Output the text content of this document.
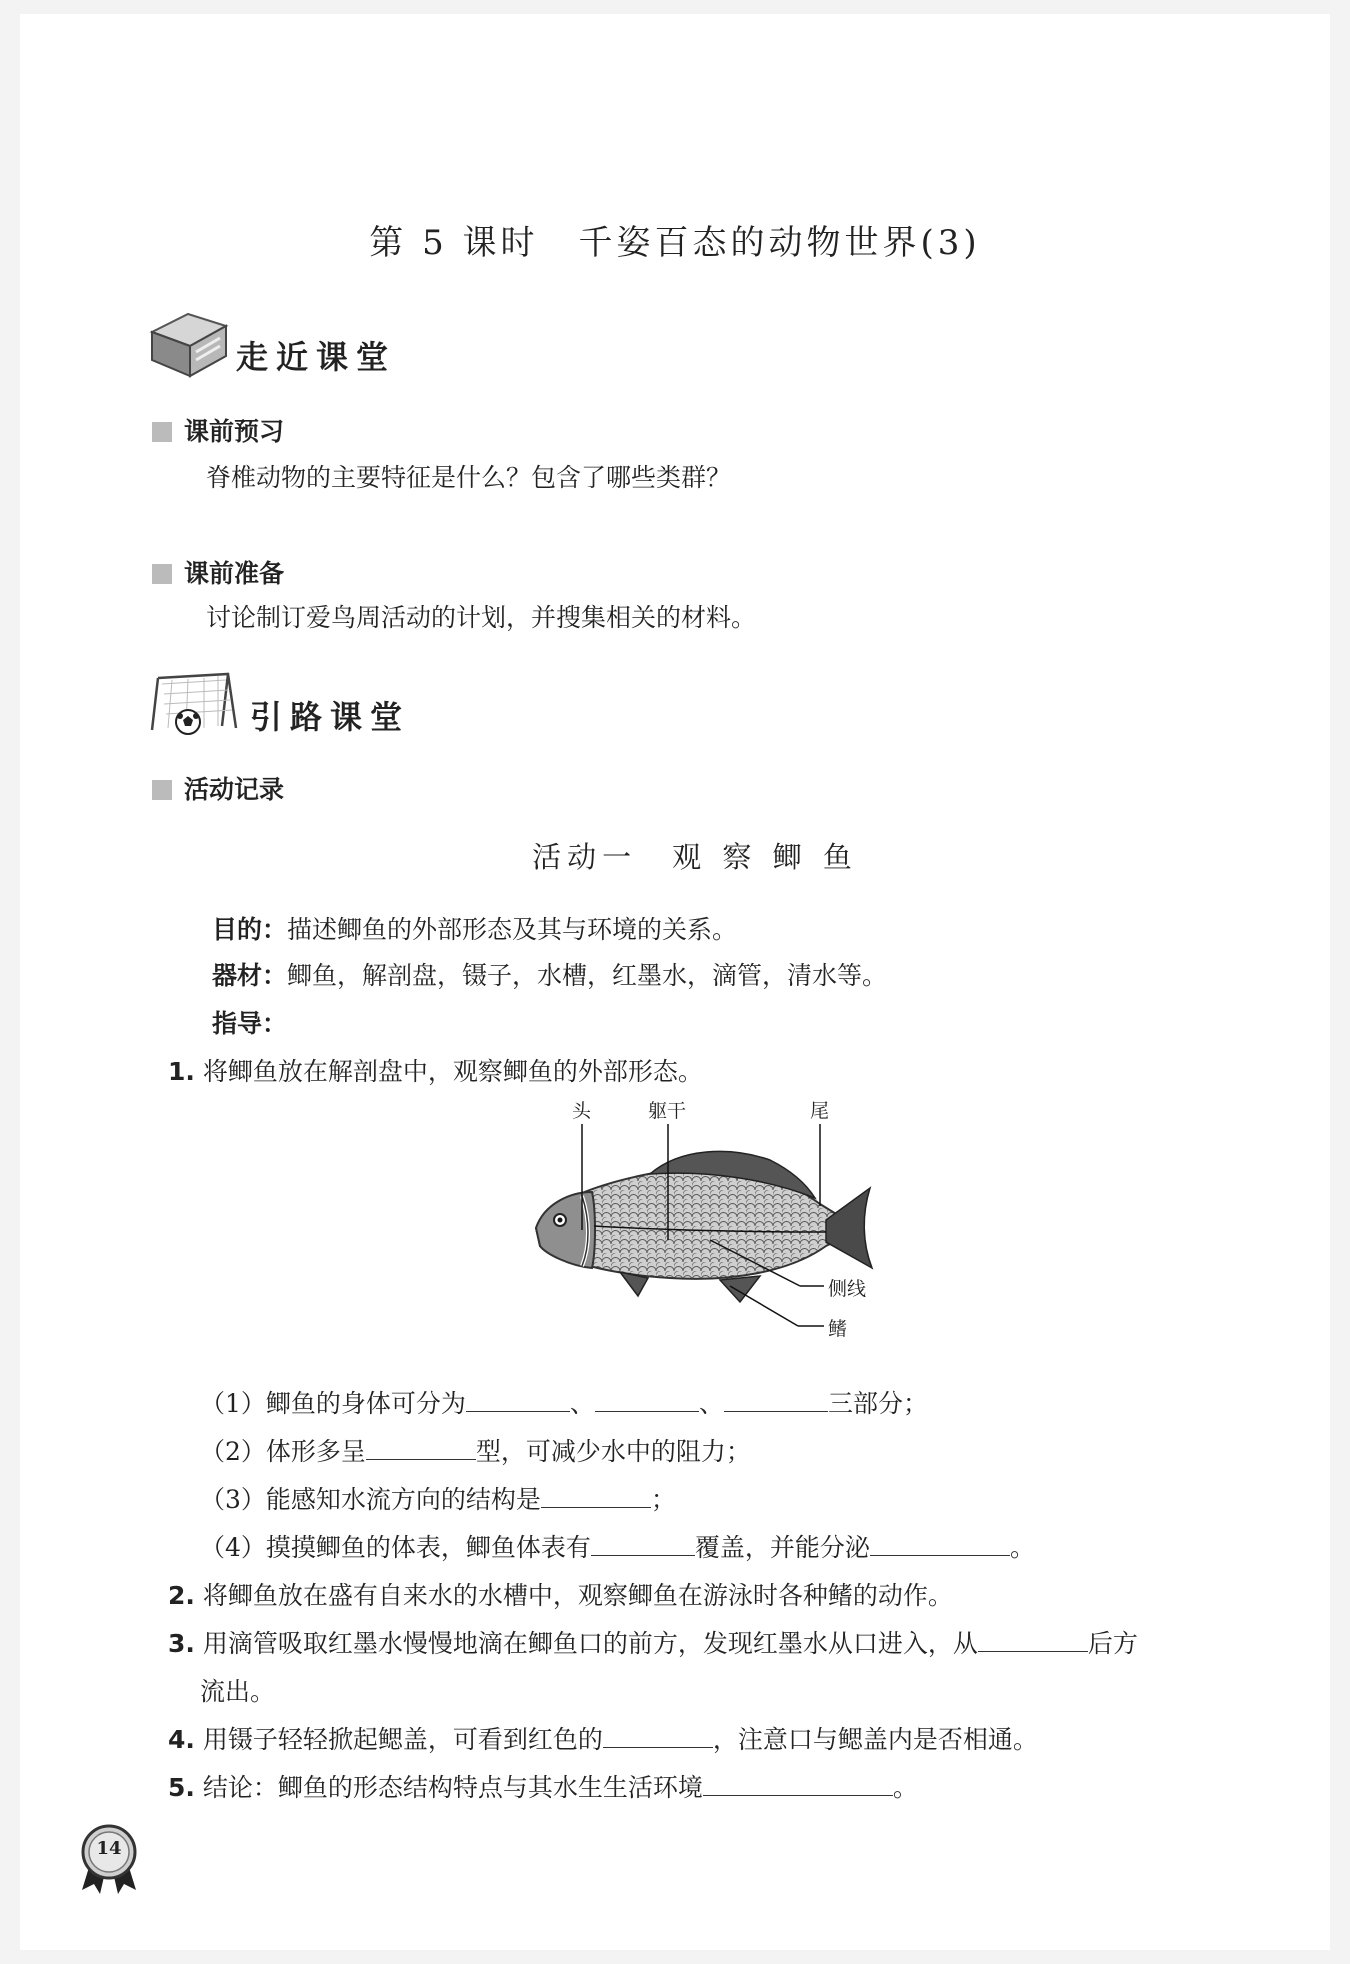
第 5 课时 千姿百态的动物世界(3)
走近课堂
课前预习
脊椎动物的主要特征是什么？包含了哪些类群？
课前准备
讨论制订爱鸟周活动的计划，并搜集相关的材料。
引路课堂
活动记录
活动一　观 察 鲫 鱼
目的：描述鲫鱼的外部形态及其与环境的关系。
器材：鲫鱼，解剖盘，镊子，水槽，红墨水，滴管，清水等。
指导：
1. 将鲫鱼放在解剖盘中，观察鲫鱼的外部形态。
头	躯干	尾
侧线
鳍
（1）鲫鱼的身体可分为	、	、	三部分；
（2）体形多呈	型，可减少水中的阻力；
（3）能感知水流方向的结构是	；
（4）摸摸鲫鱼的体表，鲫鱼体表有	覆盖，并能分泌	。
2. 将鲫鱼放在盛有自来水的水槽中，观察鲫鱼在游泳时各种鳍的动作。
3. 用滴管吸取红墨水慢慢地滴在鲫鱼口的前方，发现红墨水从口进入，从	后方
流出。
4. 用镊子轻轻掀起鳃盖，可看到红色的	，注意口与鳃盖内是否相通。
5. 结论：鲫鱼的形态结构特点与其水生生活环境	。
14
